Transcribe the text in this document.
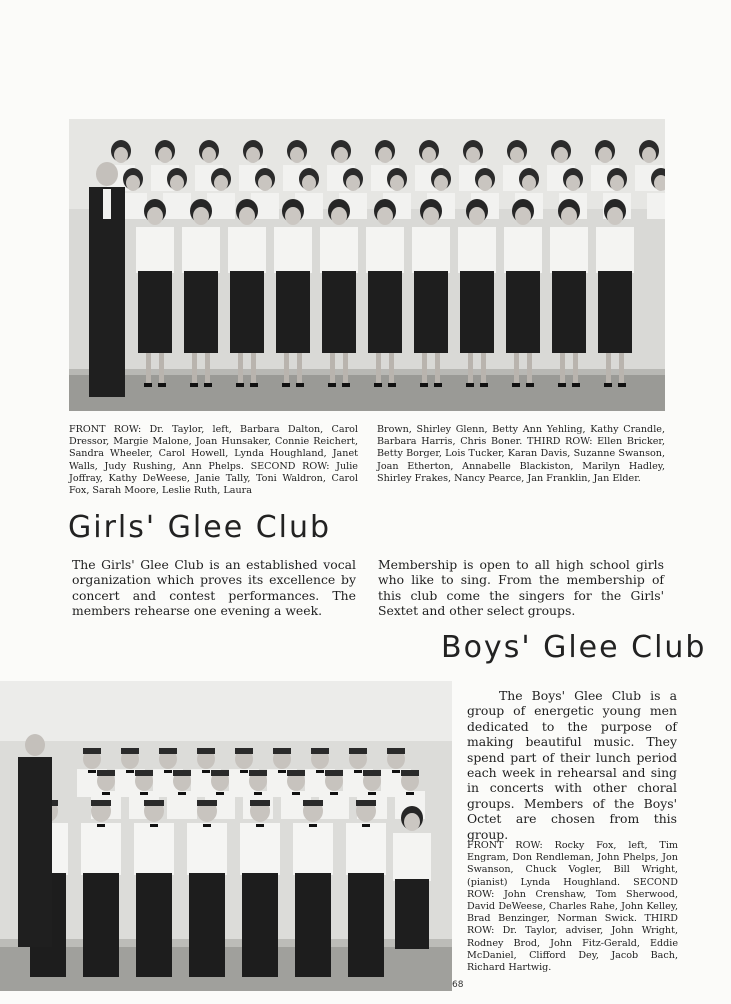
FRONT ROW: Dr. Taylor, left, Barbara Dalton, Carol Dressor, Margie Malone, Joan Hunsaker, Connie Reichert, Sandra Wheeler, Carol Howell, Lynda Houghland, Janet Walls, Judy Rushing, Ann Phelps. SECOND ROW: Julie Joffray, Kathy DeWeese, Janie Tally, Toni Waldron, Carol Fox, Sarah Moore, Leslie Ruth, Laura
Brown, Shirley Glenn, Betty Ann Yehling, Kathy Crandle, Barbara Harris, Chris Boner. THIRD ROW: Ellen Bricker, Betty Borger, Lois Tucker, Karan Davis, Suzanne Swanson, Joan Etherton, Annabelle Blackiston, Marilyn Hadley, Shirley Frakes, Nancy Pearce, Jan Franklin, Jan Elder.
Girls' Glee Club
The Girls' Glee Club is an established vocal organization which proves its excellence by concert and contest performances. The members rehearse one evening a week.
Membership is open to all high school girls who like to sing. From the membership of this club come the singers for the Girls' Sextet and other select groups.
Boys' Glee Club
The Boys' Glee Club is a group of energetic young men dedicated to the purpose of making beautiful music. They spend part of their lunch period each week in rehearsal and sing in concerts with other choral groups. Members of the Boys' Octet are chosen from this group.
FRONT ROW: Rocky Fox, left, Tim Engram, Don Rendleman, John Phelps, Jon Swanson, Chuck Vogler, Bill Wright, (pianist) Lynda Houghland. SECOND ROW: John Crenshaw, Tom Sherwood, David DeWeese, Charles Rahe, John Kelley, Brad Benzinger, Norman Swick. THIRD ROW: Dr. Taylor, adviser, John Wright, Rodney Brod, John Fitz-Gerald, Eddie McDaniel, Clifford Dey, Jacob Bach, Richard Hartwig.
68
